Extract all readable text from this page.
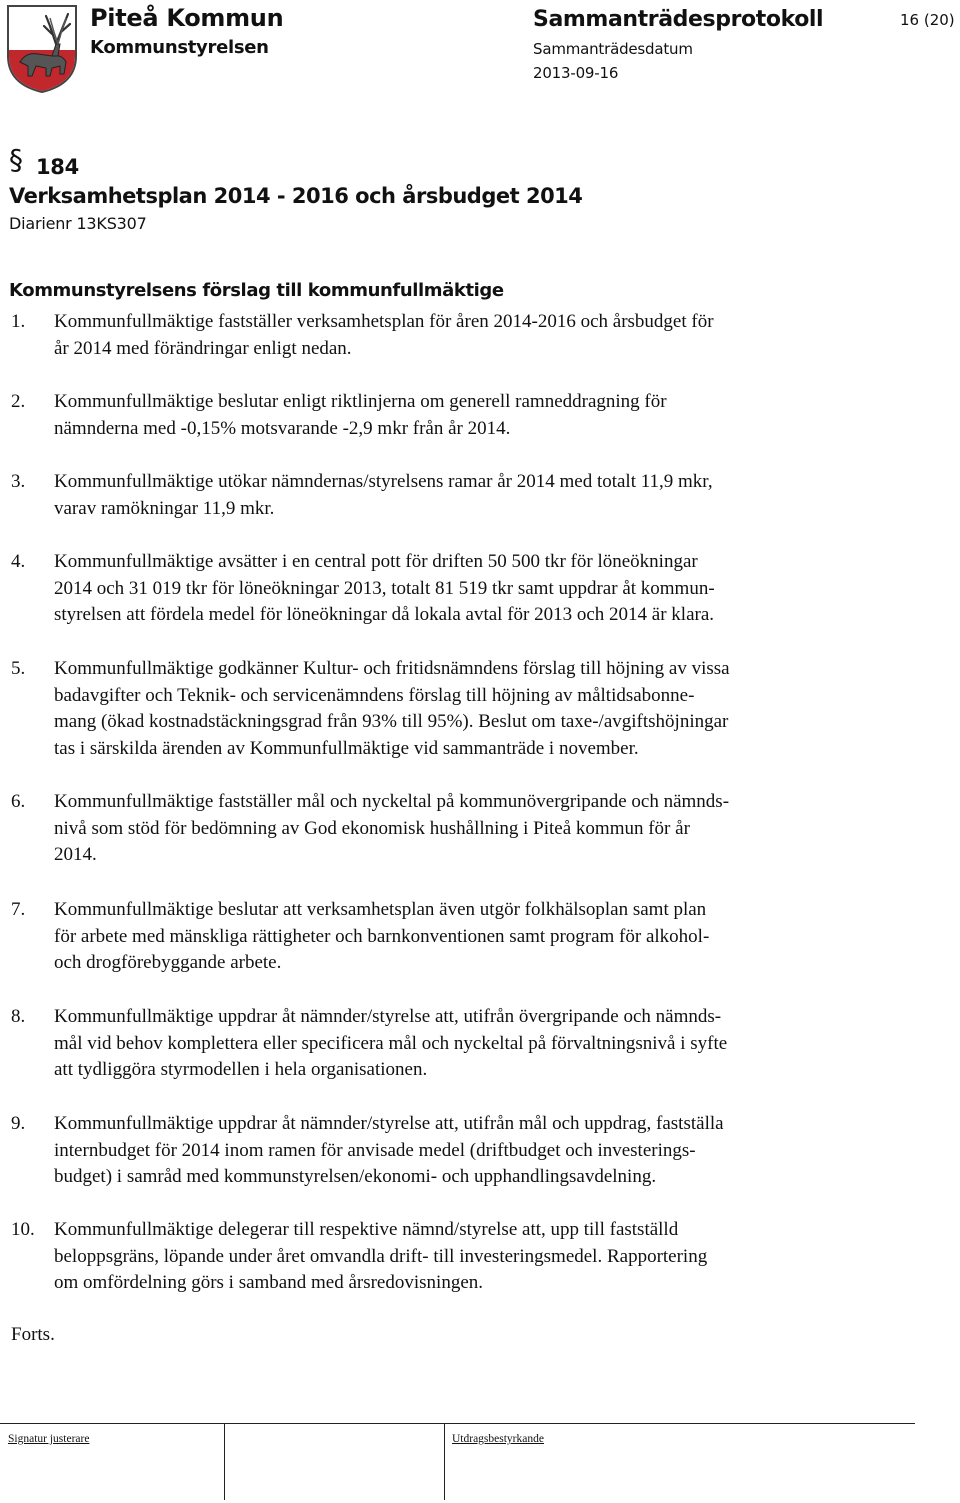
Piteå Kommun
Kommunstyrelsen
Sammanträdesprotokoll
Sammanträdesdatum
2013-09-16
16 (20)
§ 184
Verksamhetsplan 2014 - 2016 och årsbudget 2014
Diarienr 13KS307
Kommunstyrelsens förslag till kommunfullmäktige
1. Kommunfullmäktige fastställer verksamhetsplan för åren 2014-2016 och årsbudget för
år 2014 med förändringar enligt nedan.
2. Kommunfullmäktige beslutar enligt riktlinjerna om generell ramneddragning för
nämnderna med -0,15% motsvarande -2,9 mkr från år 2014.
3. Kommunfullmäktige utökar nämndernas/styrelsens ramar år 2014 med totalt 11,9 mkr,
varav ramökningar 11,9 mkr.
4. Kommunfullmäktige avsätter i en central pott för driften 50 500 tkr för löneökningar
2014 och 31 019 tkr för löneökningar 2013, totalt 81 519 tkr samt uppdrar åt kommun-
styrelsen att fördela medel för löneökningar då lokala avtal för 2013 och 2014 är klara.
5. Kommunfullmäktige godkänner Kultur- och fritidsnämndens förslag till höjning av vissa
badavgifter och Teknik- och servicenämndens förslag till höjning av måltidsabonne-
mang (ökad kostnadstäckningsgrad från 93% till 95%). Beslut om taxe-/avgiftshöjningar
tas i särskilda ärenden av Kommunfullmäktige vid sammanträde i november.
6. Kommunfullmäktige fastställer mål och nyckeltal på kommunövergripande och nämnds-
nivå som stöd för bedömning av God ekonomisk hushållning i Piteå kommun för år
2014.
7. Kommunfullmäktige beslutar att verksamhetsplan även utgör folkhälsoplan samt plan
för arbete med mänskliga rättigheter och barnkonventionen samt program för alkohol-
och drogförebyggande arbete.
8. Kommunfullmäktige uppdrar åt nämnder/styrelse att, utifrån övergripande och nämnds-
mål vid behov komplettera eller specificera mål och nyckeltal på förvaltningsnivå i syfte
att tydliggöra styrmodellen i hela organisationen.
9. Kommunfullmäktige uppdrar åt nämnder/styrelse att, utifrån mål och uppdrag, fastställa
internbudget för 2014 inom ramen för anvisade medel (driftbudget och investerings-
budget) i samråd med kommunstyrelsen/ekonomi- och upphandlingsavdelning.
10. Kommunfullmäktige delegerar till respektive nämnd/styrelse att, upp till fastställd
beloppsgräns, löpande under året omvandla drift- till investeringsmedel. Rapportering
om omfördelning görs i samband med årsredovisningen.
Forts.
Signatur justerare	Utdragsbestyrkande
